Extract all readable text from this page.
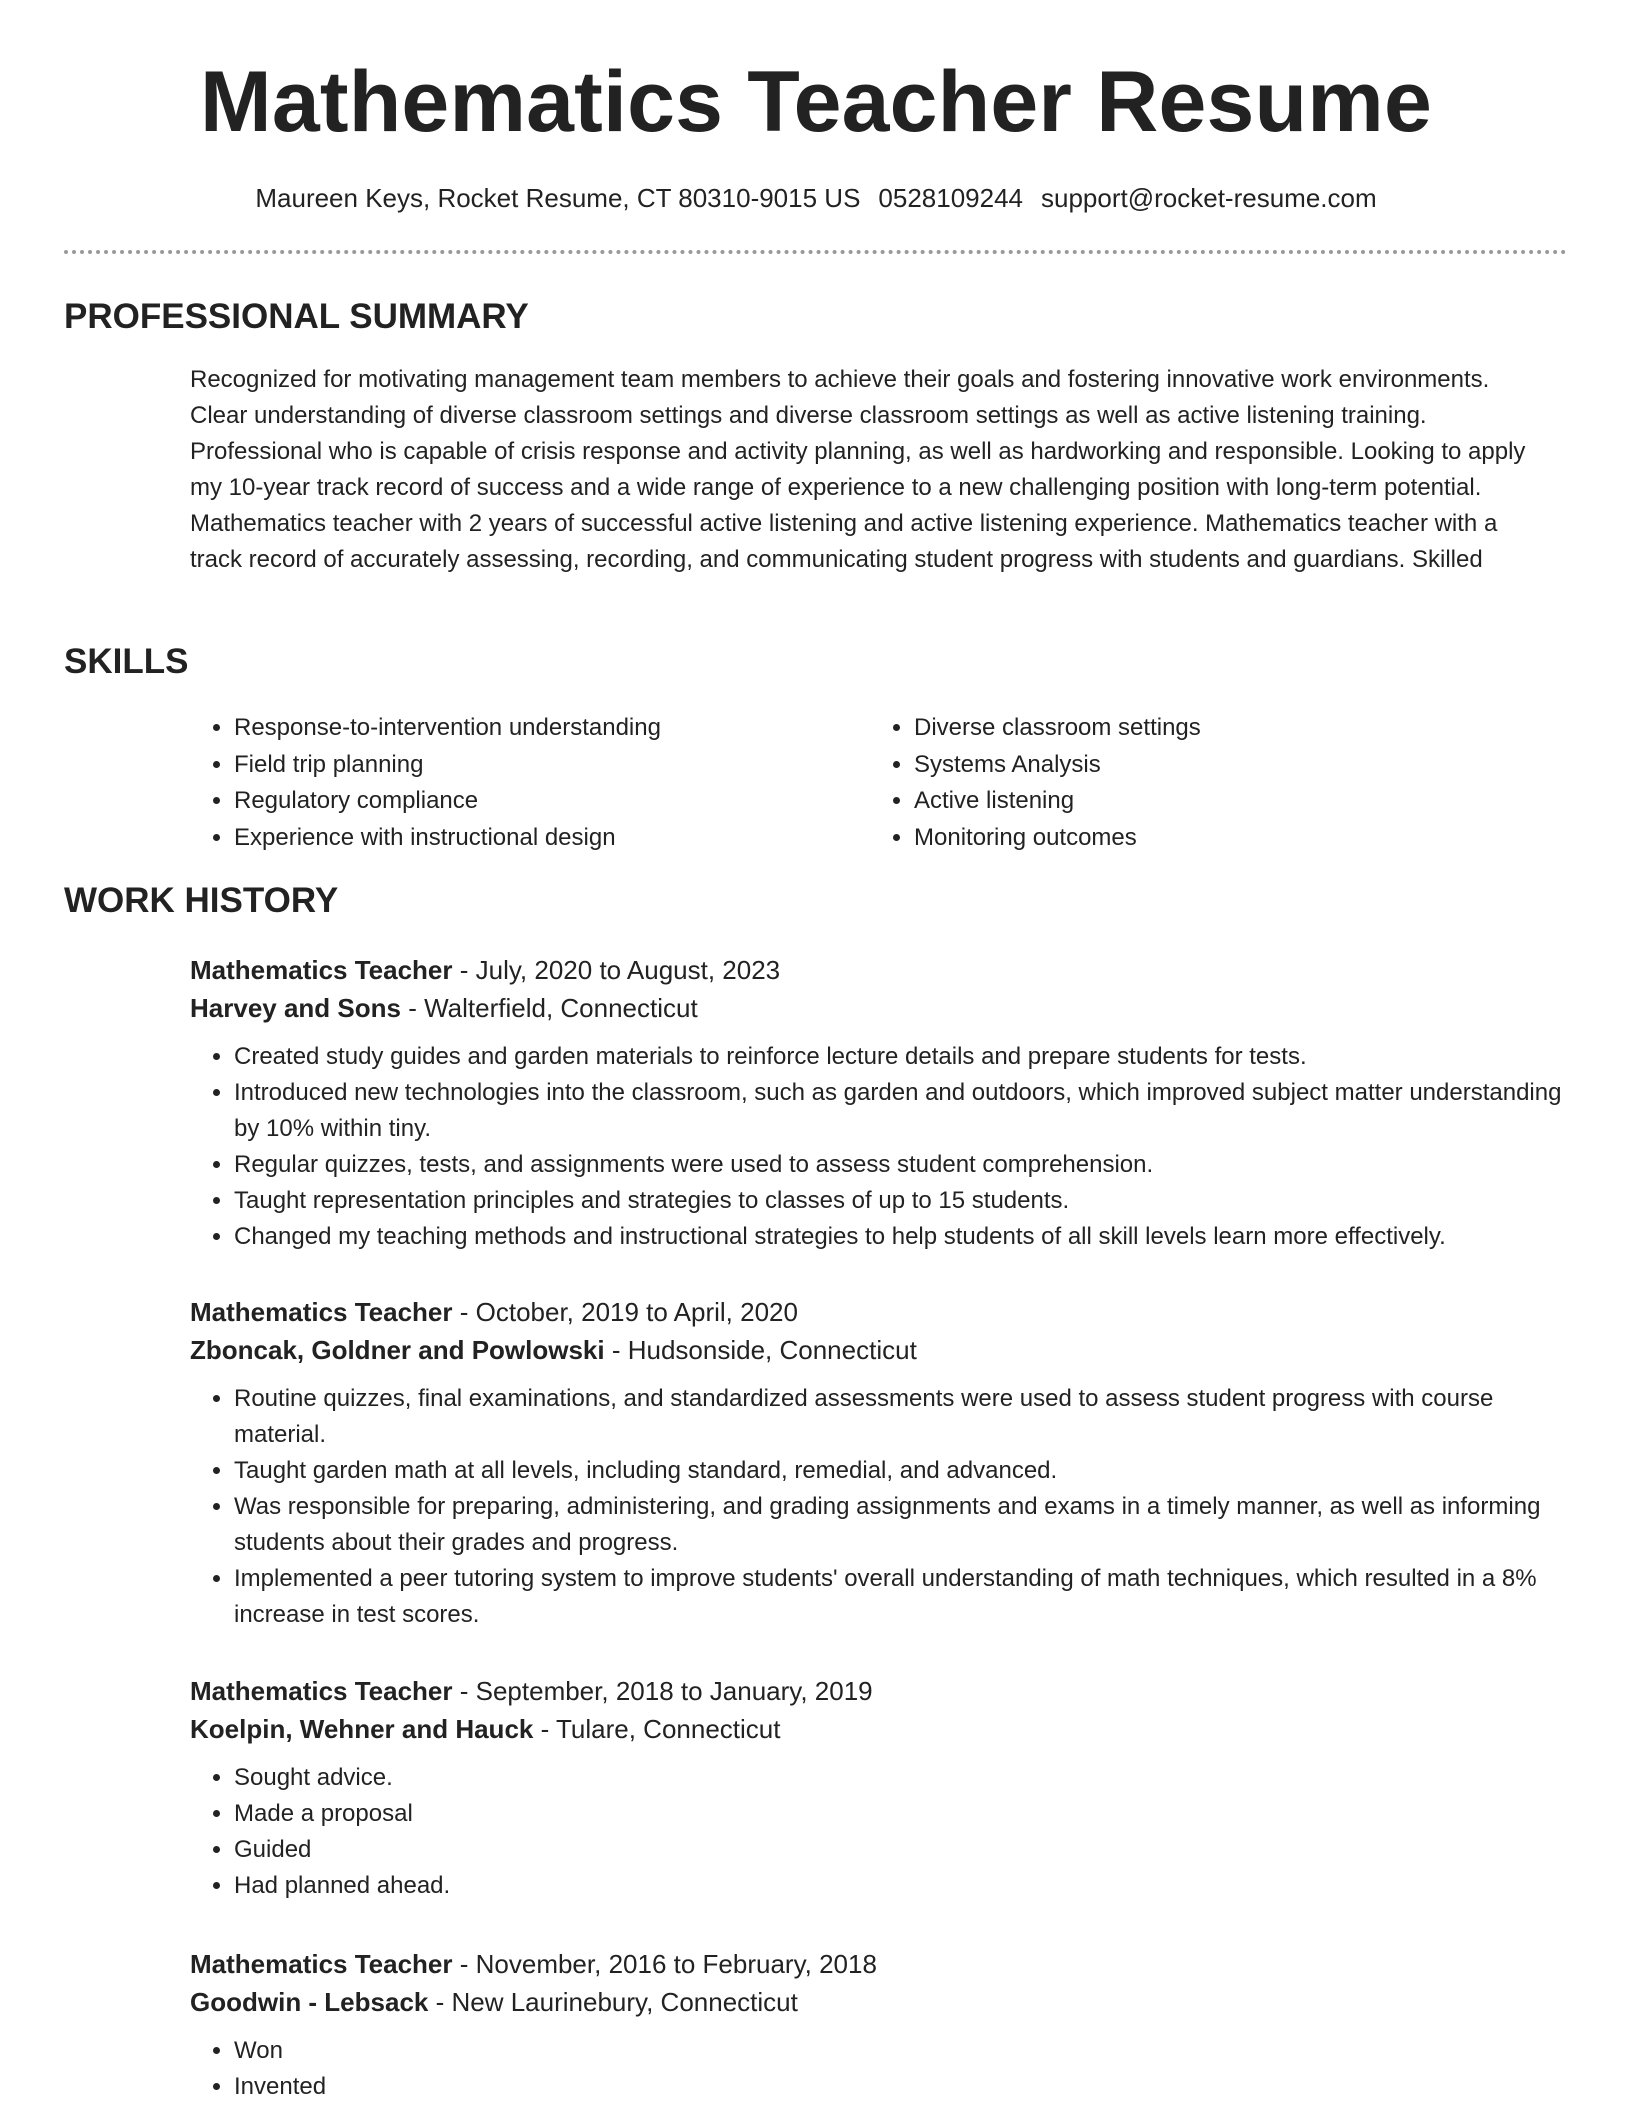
Mathematics Teacher Resume
Maureen Keys, Rocket Resume, CT 80310-9015 US 0528109244 support@rocket-resume.com
PROFESSIONAL SUMMARY
Recognized for motivating management team members to achieve their goals and fostering innovative work environments. Clear understanding of diverse classroom settings and diverse classroom settings as well as active listening training. Professional who is capable of crisis response and activity planning, as well as hardworking and responsible. Looking to apply my 10-year track record of success and a wide range of experience to a new challenging position with long-term potential. Mathematics teacher with 2 years of successful active listening and active listening experience. Mathematics teacher with a track record of accurately assessing, recording, and communicating student progress with students and guardians. Skilled
SKILLS
• Response-to-intervention understanding
• Field trip planning
• Regulatory compliance
• Experience with instructional design
• Diverse classroom settings
• Systems Analysis
• Active listening
• Monitoring outcomes
WORK HISTORY
Mathematics Teacher - July, 2020 to August, 2023
Harvey and Sons - Walterfield, Connecticut
• Created study guides and garden materials to reinforce lecture details and prepare students for tests.
• Introduced new technologies into the classroom, such as garden and outdoors, which improved subject matter understanding by 10% within tiny.
• Regular quizzes, tests, and assignments were used to assess student comprehension.
• Taught representation principles and strategies to classes of up to 15 students.
• Changed my teaching methods and instructional strategies to help students of all skill levels learn more effectively.
Mathematics Teacher - October, 2019 to April, 2020
Zboncak, Goldner and Powlowski - Hudsonside, Connecticut
• Routine quizzes, final examinations, and standardized assessments were used to assess student progress with course material.
• Taught garden math at all levels, including standard, remedial, and advanced.
• Was responsible for preparing, administering, and grading assignments and exams in a timely manner, as well as informing students about their grades and progress.
• Implemented a peer tutoring system to improve students' overall understanding of math techniques, which resulted in a 8% increase in test scores.
Mathematics Teacher - September, 2018 to January, 2019
Koelpin, Wehner and Hauck - Tulare, Connecticut
• Sought advice.
• Made a proposal
• Guided
• Had planned ahead.
Mathematics Teacher - November, 2016 to February, 2018
Goodwin - Lebsack - New Laurinebury, Connecticut
• Won
• Invented
